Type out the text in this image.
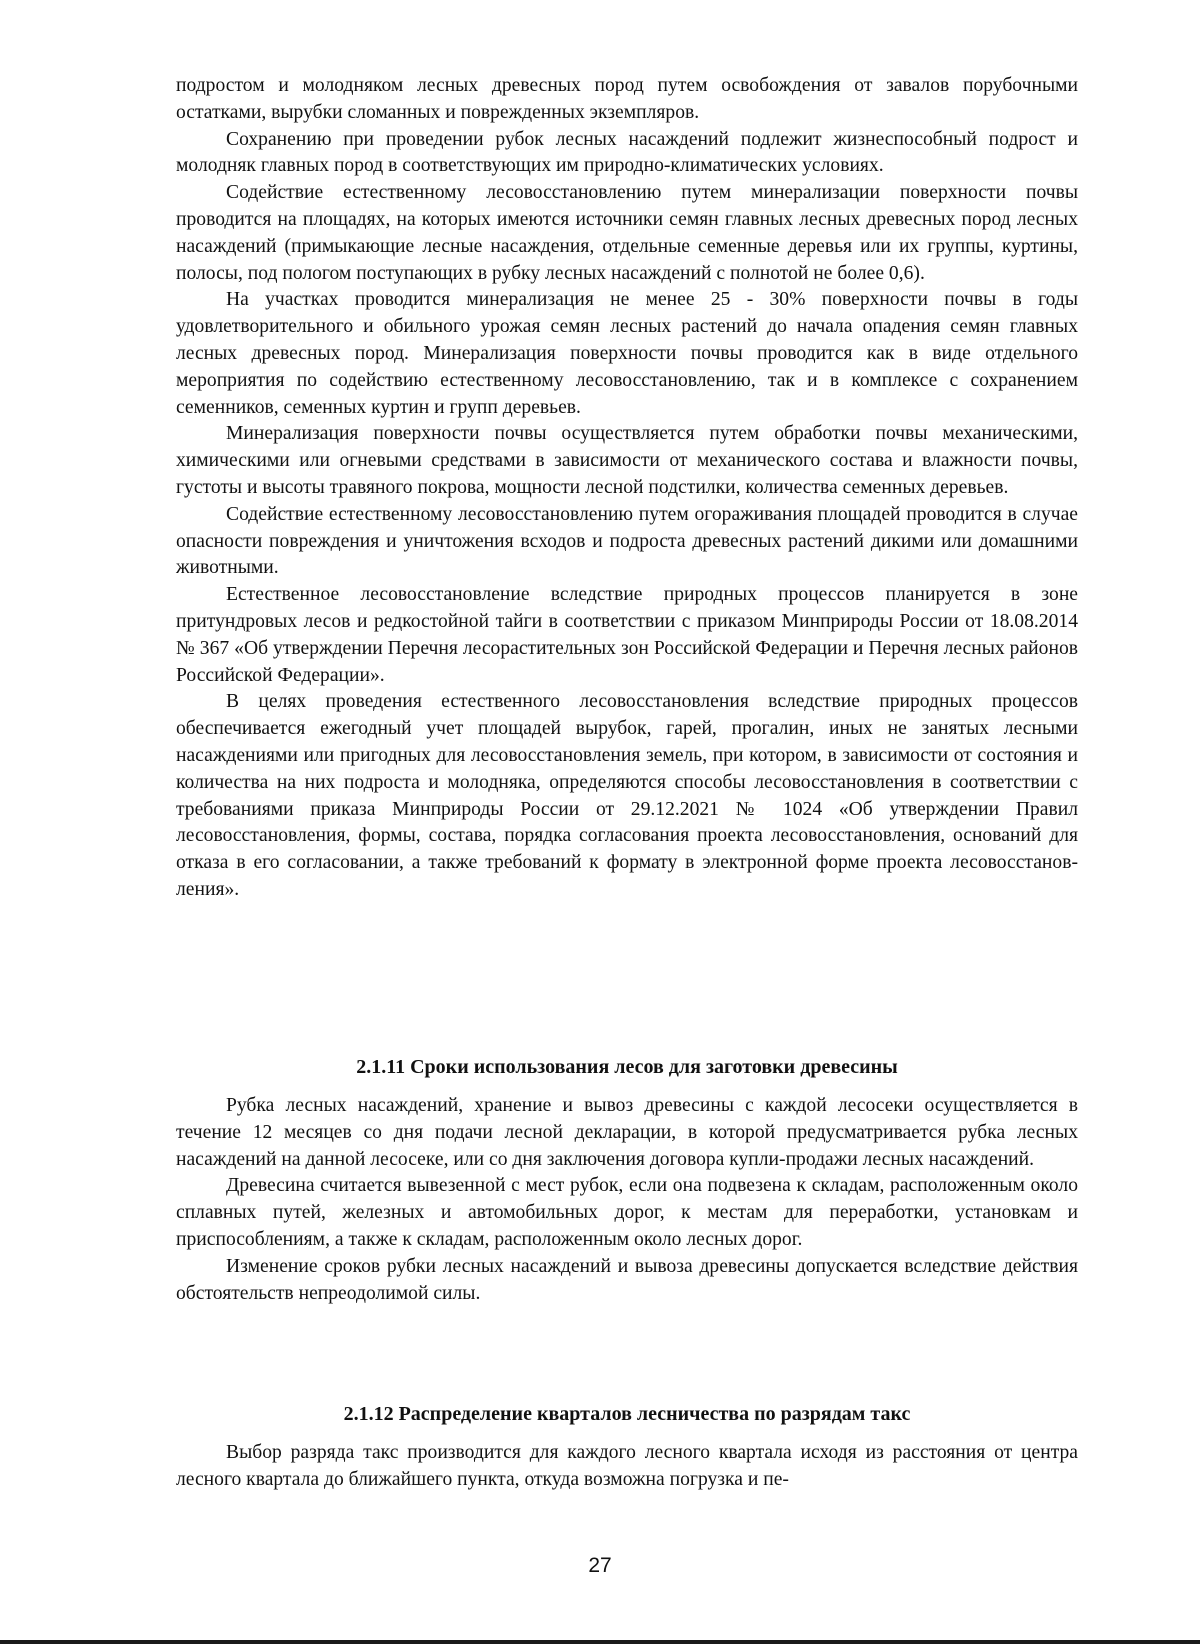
подростом и молодняком лесных древесных пород путем освобождения от завалов порубочными остатками, вырубки сломанных и поврежденных экземпляров.

Сохранению при проведении рубок лесных насаждений подлежит жизнеспособный подрост и молодняк главных пород в соответствующих им природно-климатических условиях.

Содействие естественному лесовосстановлению путем минерализации поверхности почвы проводится на площадях, на которых имеются источники семян главных лесных древесных пород лесных насаждений (примыкающие лесные насаждения, отдельные семенные деревья или их группы, куртины, полосы, под пологом поступающих в рубку лесных насаждений с полнотой не более 0,6).

На участках проводится минерализация не менее 25 - 30% поверхности почвы в годы удовлетворительного и обильного урожая семян лесных растений до начала опадения семян главных лесных древесных пород. Минерализация поверхности почвы проводится как в виде отдельного мероприятия по содействию естественному лесовосстановлению, так и в комплексе с сохранением семенников, семенных куртин и групп деревьев.

Минерализация поверхности почвы осуществляется путем обработки почвы механическими, химическими или огневыми средствами в зависимости от механического состава и влажности почвы, густоты и высоты травяного покрова, мощности лесной подстилки, количества семенных деревьев.

Содействие естественному лесовосстановлению путем огораживания площадей проводится в случае опасности повреждения и уничтожения всходов и подроста древесных растений дикими или домашними животными.

Естественное лесовосстановление вследствие природных процессов планируется в зоне притундровых лесов и редкостойной тайги в соответствии с приказом Минприроды России от 18.08.2014 № 367 «Об утверждении Перечня лесорастительных зон Российской Федерации и Перечня лесных районов Российской Федерации».

В целях проведения естественного лесовосстановления вследствие природных процессов обеспечивается ежегодный учет площадей вырубок, гарей, прогалин, иных не занятых лесными насаждениями или пригодных для лесовосстановления земель, при котором, в зависимости от состояния и количества на них подроста и молодняка, определяются способы лесовосстановления в соответствии с требованиями приказа Минприроды России от 29.12.2021 № 1024 «Об утверждении Правил лесовосстановления, формы, состава, порядка согласования проекта лесовосстановления, оснований для отказа в его согласовании, а также требований к формату в электронной форме проекта лесовосстановления».

2.1.11 Сроки использования лесов для заготовки древесины

Рубка лесных насаждений, хранение и вывоз древесины с каждой лесосеки осуществляется в течение 12 месяцев со дня подачи лесной декларации, в которой предусматривается рубка лесных насаждений на данной лесосеке, или со дня заключения договора купли-продажи лесных насаждений.

Древесина считается вывезенной с мест рубок, если она подвезена к складам, расположенным около сплавных путей, железных и автомобильных дорог, к местам для переработки, установкам и приспособлениям, а также к складам, расположенным около лесных дорог.

Изменение сроков рубки лесных насаждений и вывоза древесины допускается вследствие действия обстоятельств непреодолимой силы.

2.1.12 Распределение кварталов лесничества по разрядам такс

Выбор разряда такс производится для каждого лесного квартала исходя из расстояния от центра лесного квартала до ближайшего пункта, откуда возможна погрузка и пе-

27
